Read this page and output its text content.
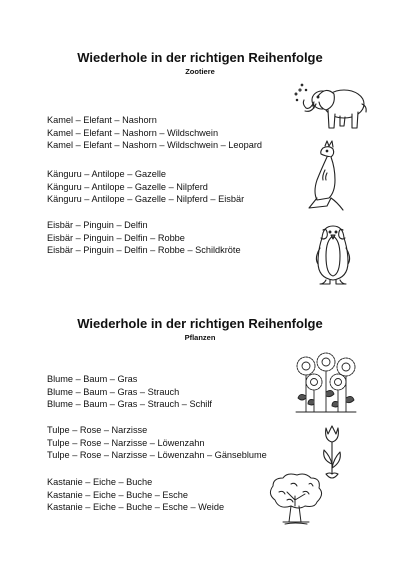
Wiederhole in der richtigen Reihenfolge
Zootiere
Kamel – Elefant – Nashorn
Kamel – Elefant – Nashorn – Wildschwein
Kamel – Elefant – Nashorn – Wildschwein – Leopard
Känguru – Antilope – Gazelle
Känguru – Antilope – Gazelle – Nilpferd
Känguru – Antilope – Gazelle – Nilpferd – Eisbär
Eisbär – Pinguin – Delfin
Eisbär – Pinguin – Delfin – Robbe
Eisbär – Pinguin – Delfin – Robbe – Schildkröte
Wiederhole in der richtigen Reihenfolge
Pflanzen
Blume – Baum – Gras
Blume – Baum – Gras – Strauch
Blume – Baum – Gras – Strauch – Schilf
Tulpe – Rose – Narzisse
Tulpe – Rose – Narzisse – Löwenzahn
Tulpe – Rose – Narzisse – Löwenzahn – Gänseblume
Kastanie – Eiche – Buche
Kastanie – Eiche – Buche – Esche
Kastanie – Eiche – Buche – Esche – Weide
